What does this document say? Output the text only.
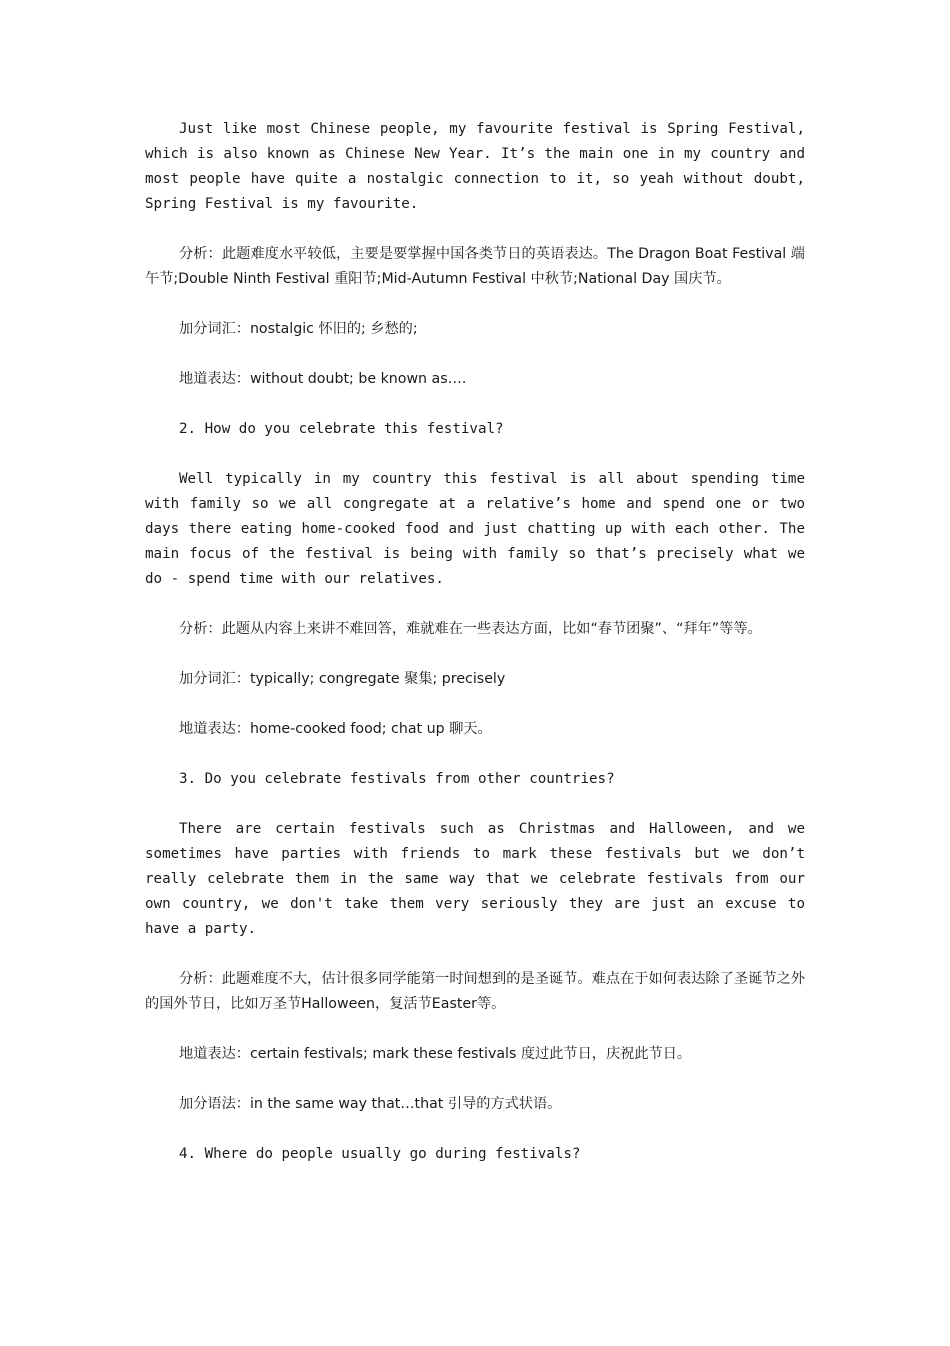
Just like most Chinese people, my favourite festival is Spring Festival, which is also known as Chinese New Year. It’s the main one in my country and most people have quite a nostalgic connection to it, so yeah without doubt, Spring Festival is my favourite.

分析：此题难度水平较低，主要是要掌握中国各类节日的英语表达。The Dragon Boat Festival 端午节;Double Ninth Festival 重阳节;Mid-Autumn Festival 中秋节;National Day 国庆节。

加分词汇：nostalgic 怀旧的; 乡愁的;

地道表达：without doubt; be known as….

2. How do you celebrate this festival?

Well typically in my country this festival is all about spending time with family so we all congregate at a relative’s home and spend one or two days there eating home-cooked food and just chatting up with each other. The main focus of the festival is being with family so that’s precisely what we do - spend time with our relatives.

分析：此题从内容上来讲不难回答，难就难在一些表达方面，比如“春节团聚”、“拜年”等等。

加分词汇：typically; congregate 聚集; precisely

地道表达：home-cooked food; chat up 聊天。

3. Do you celebrate festivals from other countries?

There are certain festivals such as Christmas and Halloween, and we sometimes have parties with friends to mark these festivals but we don’t really celebrate them in the same way that we celebrate festivals from our own country, we don't take them very seriously they are just an excuse to have a party.

分析：此题难度不大，估计很多同学能第一时间想到的是圣诞节。难点在于如何表达除了圣诞节之外的国外节日，比如万圣节Halloween，复活节Easter等。

地道表达：certain festivals; mark these festivals 度过此节日，庆祝此节日。

加分语法：in the same way that…that 引导的方式状语。

4. Where do people usually go during festivals?
